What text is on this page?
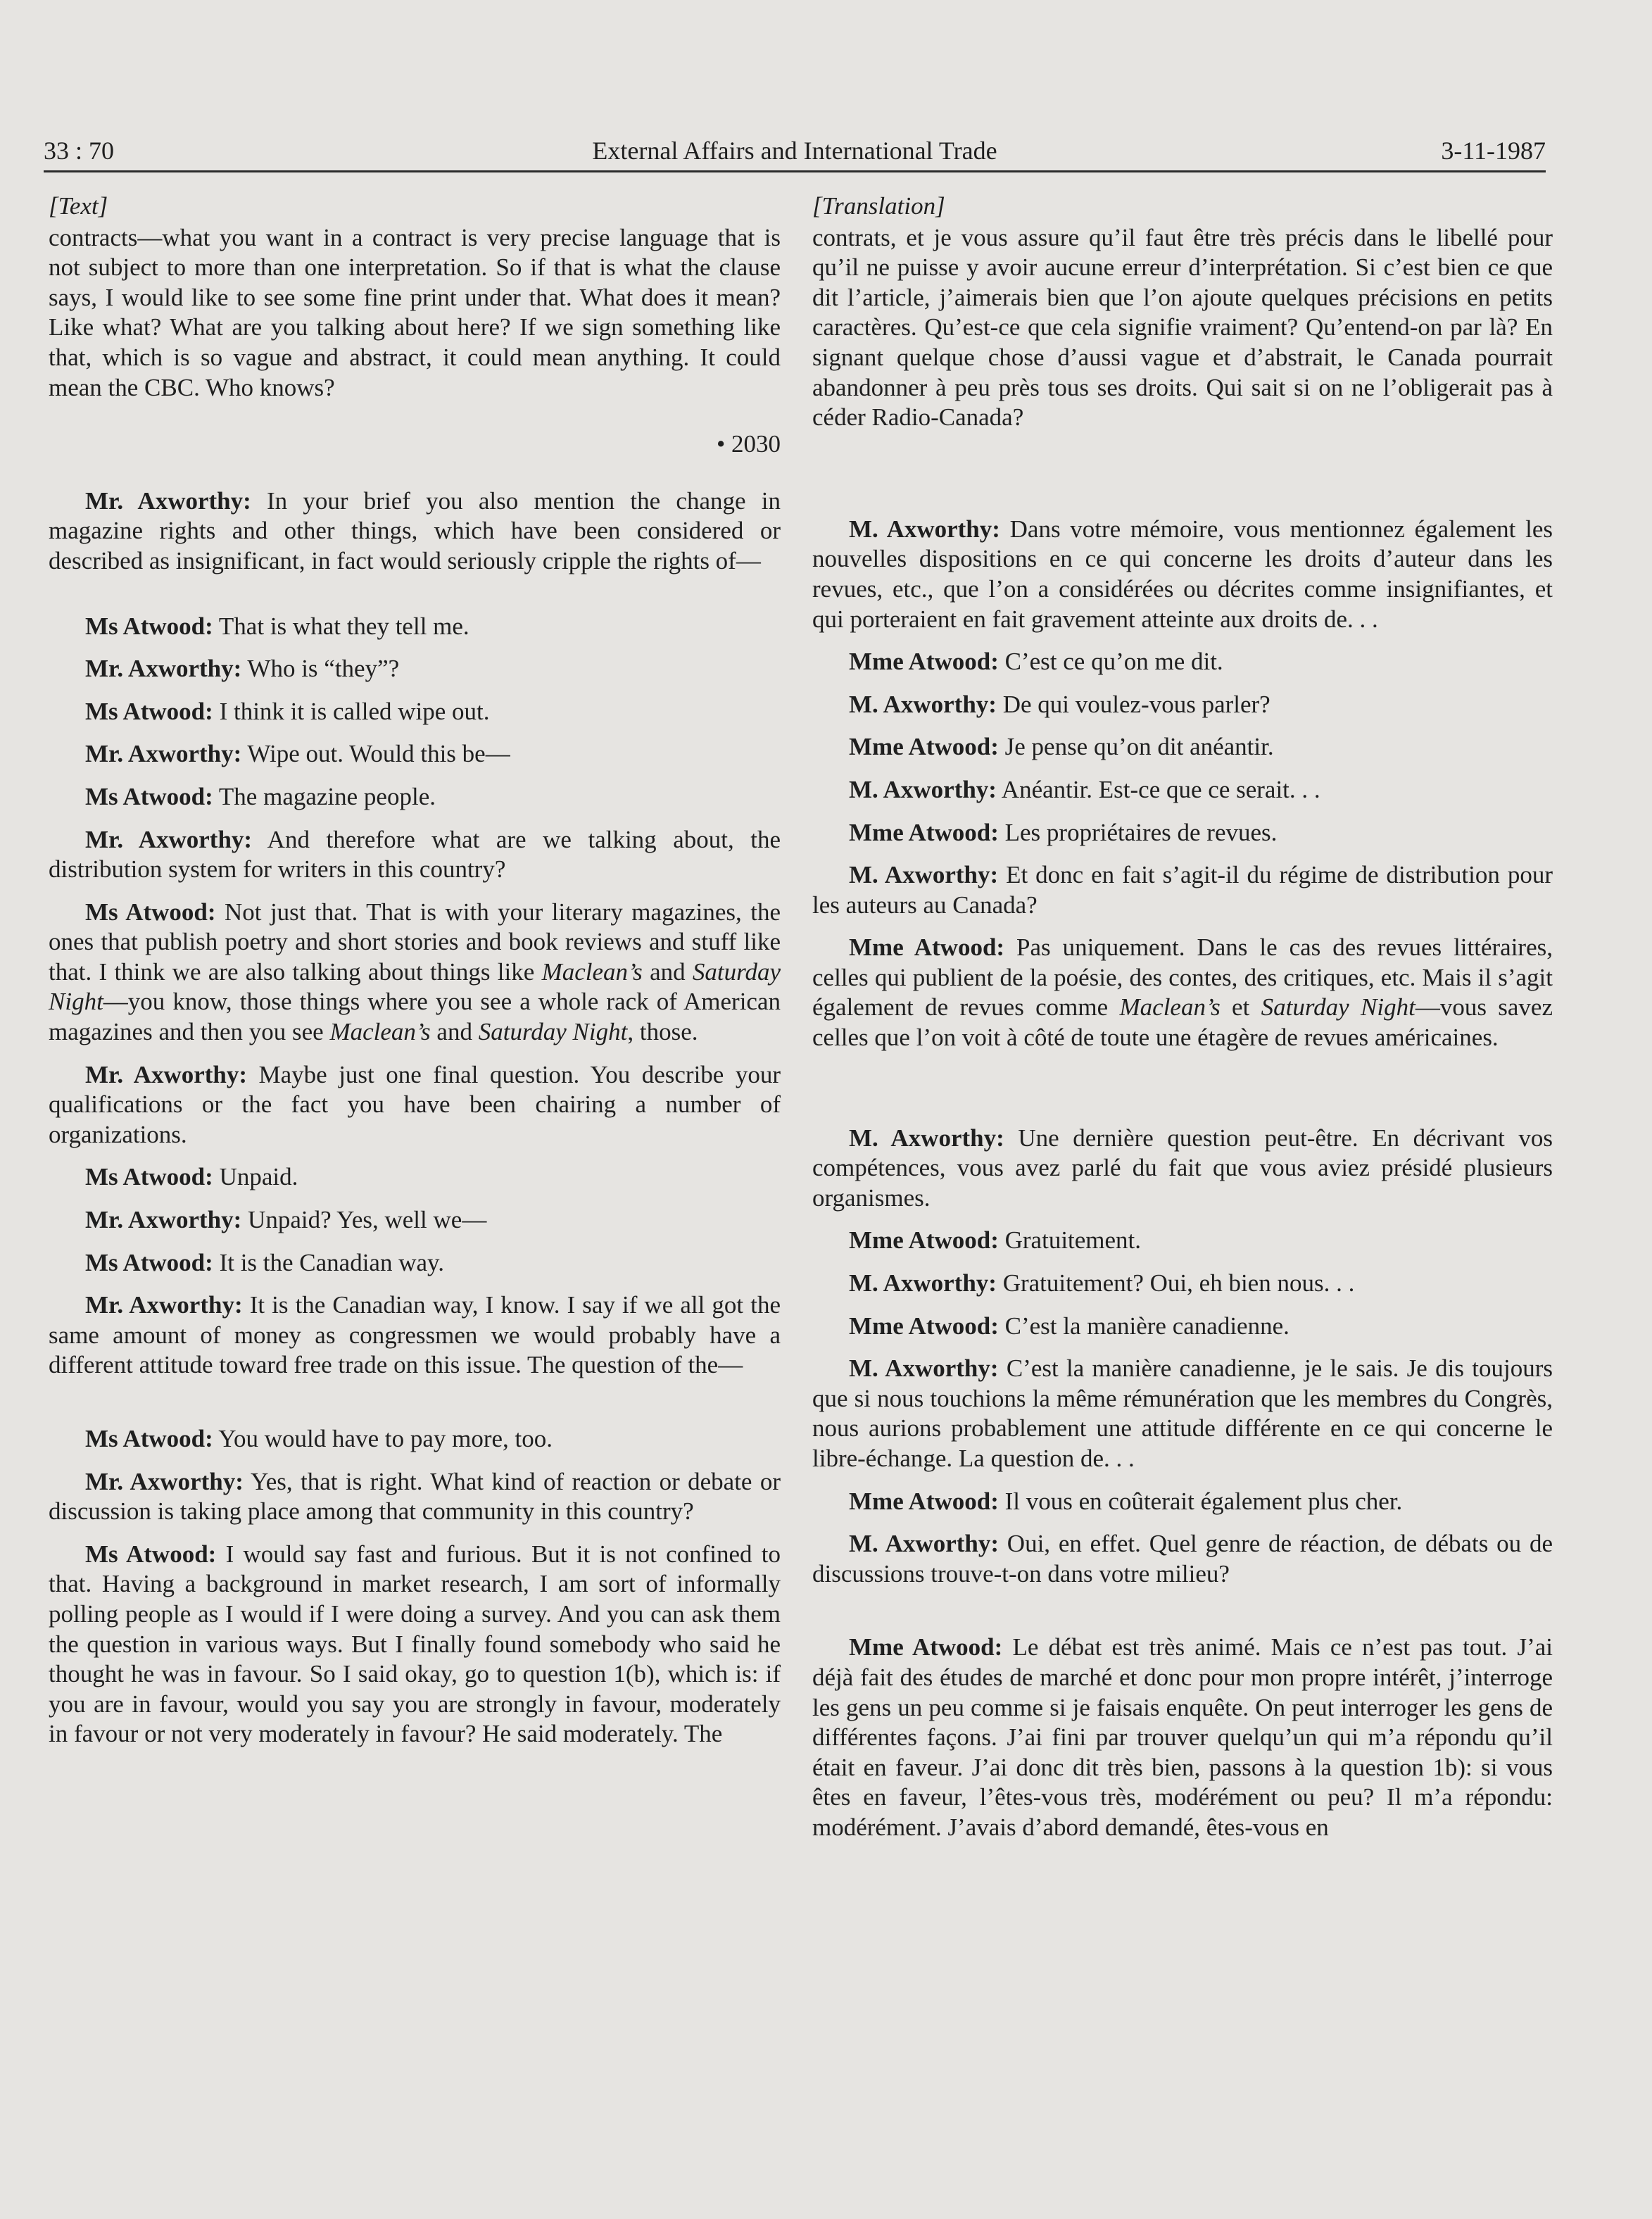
33 : 70	External Affairs and International Trade	3-11-1987

[Text]

contracts—what you want in a contract is very precise language that is not subject to more than one interpretation. So if that is what the clause says, I would like to see some fine print under that. What does it mean? Like what? What are you talking about here? If we sign something like that, which is so vague and abstract, it could mean anything. It could mean the CBC. Who knows?

• 2030

Mr. Axworthy: In your brief you also mention the change in magazine rights and other things, which have been considered or described as insignificant, in fact would seriously cripple the rights of—

Ms Atwood: That is what they tell me.

Mr. Axworthy: Who is “they”?

Ms Atwood: I think it is called wipe out.

Mr. Axworthy: Wipe out. Would this be—

Ms Atwood: The magazine people.

Mr. Axworthy: And therefore what are we talking about, the distribution system for writers in this country?

Ms Atwood: Not just that. That is with your literary magazines, the ones that publish poetry and short stories and book reviews and stuff like that. I think we are also talking about things like Maclean’s and Saturday Night—you know, those things where you see a whole rack of American magazines and then you see Maclean’s and Saturday Night, those.

Mr. Axworthy: Maybe just one final question. You describe your qualifications or the fact you have been chairing a number of organizations.

Ms Atwood: Unpaid.

Mr. Axworthy: Unpaid? Yes, well we—

Ms Atwood: It is the Canadian way.

Mr. Axworthy: It is the Canadian way, I know. I say if we all got the same amount of money as congressmen we would probably have a different attitude toward free trade on this issue. The question of the—

Ms Atwood: You would have to pay more, too.

Mr. Axworthy: Yes, that is right. What kind of reaction or debate or discussion is taking place among that community in this country?

Ms Atwood: I would say fast and furious. But it is not confined to that. Having a background in market research, I am sort of informally polling people as I would if I were doing a survey. And you can ask them the question in various ways. But I finally found somebody who said he thought he was in favour. So I said okay, go to question 1(b), which is: if you are in favour, would you say you are strongly in favour, moderately in favour or not very moderately in favour? He said moderately. The

[Translation]

contrats, et je vous assure qu’il faut être très précis dans le libellé pour qu’il ne puisse y avoir aucune erreur d’interprétation. Si c’est bien ce que dit l’article, j’aimerais bien que l’on ajoute quelques précisions en petits caractères. Qu’est-ce que cela signifie vraiment? Qu’entend-on par là? En signant quelque chose d’aussi vague et d’abstrait, le Canada pourrait abandonner à peu près tous ses droits. Qui sait si on ne l’obligerait pas à céder Radio-Canada?

M. Axworthy: Dans votre mémoire, vous mentionnez également les nouvelles dispositions en ce qui concerne les droits d’auteur dans les revues, etc., que l’on a considérées ou décrites comme insignifiantes, et qui porteraient en fait gravement atteinte aux droits de. . .

Mme Atwood: C’est ce qu’on me dit.

M. Axworthy: De qui voulez-vous parler?

Mme Atwood: Je pense qu’on dit anéantir.

M. Axworthy: Anéantir. Est-ce que ce serait. . .

Mme Atwood: Les propriétaires de revues.

M. Axworthy: Et donc en fait s’agit-il du régime de distribution pour les auteurs au Canada?

Mme Atwood: Pas uniquement. Dans le cas des revues littéraires, celles qui publient de la poésie, des contes, des critiques, etc. Mais il s’agit également de revues comme Maclean’s et Saturday Night—vous savez celles que l’on voit à côté de toute une étagère de revues américaines.

M. Axworthy: Une dernière question peut-être. En décrivant vos compétences, vous avez parlé du fait que vous aviez présidé plusieurs organismes.

Mme Atwood: Gratuitement.

M. Axworthy: Gratuitement? Oui, eh bien nous. . .

Mme Atwood: C’est la manière canadienne.

M. Axworthy: C’est la manière canadienne, je le sais. Je dis toujours que si nous touchions la même rémunération que les membres du Congrès, nous aurions probablement une attitude différente en ce qui concerne le libre-échange. La question de. . .

Mme Atwood: Il vous en coûterait également plus cher.

M. Axworthy: Oui, en effet. Quel genre de réaction, de débats ou de discussions trouve-t-on dans votre milieu?

Mme Atwood: Le débat est très animé. Mais ce n’est pas tout. J’ai déjà fait des études de marché et donc pour mon propre intérêt, j’interroge les gens un peu comme si je faisais enquête. On peut interroger les gens de différentes façons. J’ai fini par trouver quelqu’un qui m’a répondu qu’il était en faveur. J’ai donc dit très bien, passons à la question 1b): si vous êtes en faveur, l’êtes-vous très, modérément ou peu? Il m’a répondu: modérément. J’avais d’abord demandé, êtes-vous en
